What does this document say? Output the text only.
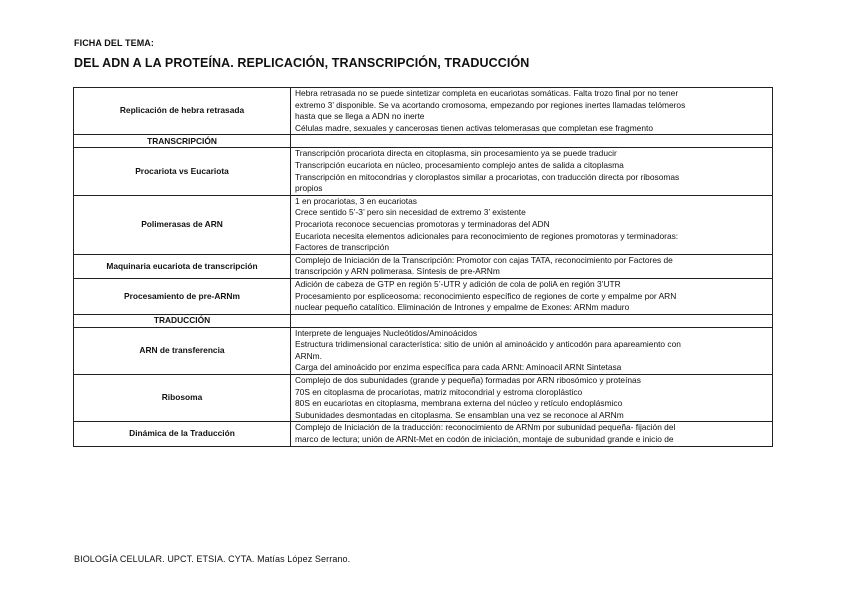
FICHA DEL TEMA:
DEL ADN A LA PROTEÍNA. REPLICACIÓN, TRANSCRIPCIÓN, TRADUCCIÓN
Replicación de hebra retrasada	Hebra retrasada no se puede sintetizar completa en eucariotas somáticas. Falta trozo final por no tener
extremo 3’ disponible. Se va acortando cromosoma, empezando por regiones inertes llamadas telómeros
hasta que se llega a ADN no inerte
Células madre, sexuales y cancerosas tienen activas telomerasas que completan ese fragmento

TRANSCRIPCIÓN	
Procariota vs Eucariota	Transcripción procariota directa en citoplasma, sin procesamiento ya se puede traducir
Transcripción eucariota en núcleo, procesamiento complejo antes de salida a citoplasma
Transcripción en mitocondrias y cloroplastos similar a procariotas, con traducción directa por ribosomas
propios

Polimerasas de ARN	1 en procariotas, 3 en eucariotas
Crece sentido 5’-3’ pero sin necesidad de extremo 3’ existente
Procariota reconoce secuencias promotoras y terminadoras del ADN
Eucariota necesita elementos adicionales para reconocimiento de regiones promotoras y terminadoras:
Factores de transcripción

Maquinaria eucariota de transcripción	Complejo de Iniciación de la Transcripción: Promotor con cajas TATA, reconocimiento por Factores de
transcripción y ARN polimerasa. Síntesis de pre-ARNm

Procesamiento de pre-ARNm	Adición de cabeza de GTP en región 5’-UTR y adición de cola de poliA en región 3’UTR
Procesamiento por espliceosoma: reconocimiento específico de regiones de corte y empalme por ARN
nuclear pequeño catalítico. Eliminación de Intrones y empalme de Exones: ARNm maduro

TRADUCCIÓN	
ARN de transferencia	Interprete de lenguajes Nucleótidos/Aminoácidos
Estructura tridimensional característica: sitio de unión al aminoácido y anticodón para apareamiento con
ARNm.
Carga del aminoácido por enzima específica para cada ARNt: Aminoacil ARNt Sintetasa

Ribosoma	Complejo de dos subunidades (grande y pequeña) formadas por ARN ribosómico y proteínas
70S en citoplasma de procariotas, matriz mitocondrial y estroma cloroplástico
80S en eucariotas en citoplasma, membrana externa del núcleo y retículo endoplásmico
Subunidades desmontadas en citoplasma. Se ensamblan una vez se reconoce al ARNm

Dinámica de la Traducción	Complejo de Iniciación de la traducción: reconocimiento de ARNm por subunidad pequeña- fijación del
marco de lectura; unión de ARNt-Met en codón de iniciación, montaje de subunidad grande e inicio de
BIOLOGÍA CELULAR. UPCT. ETSIA. CYTA. Matías López Serrano.
